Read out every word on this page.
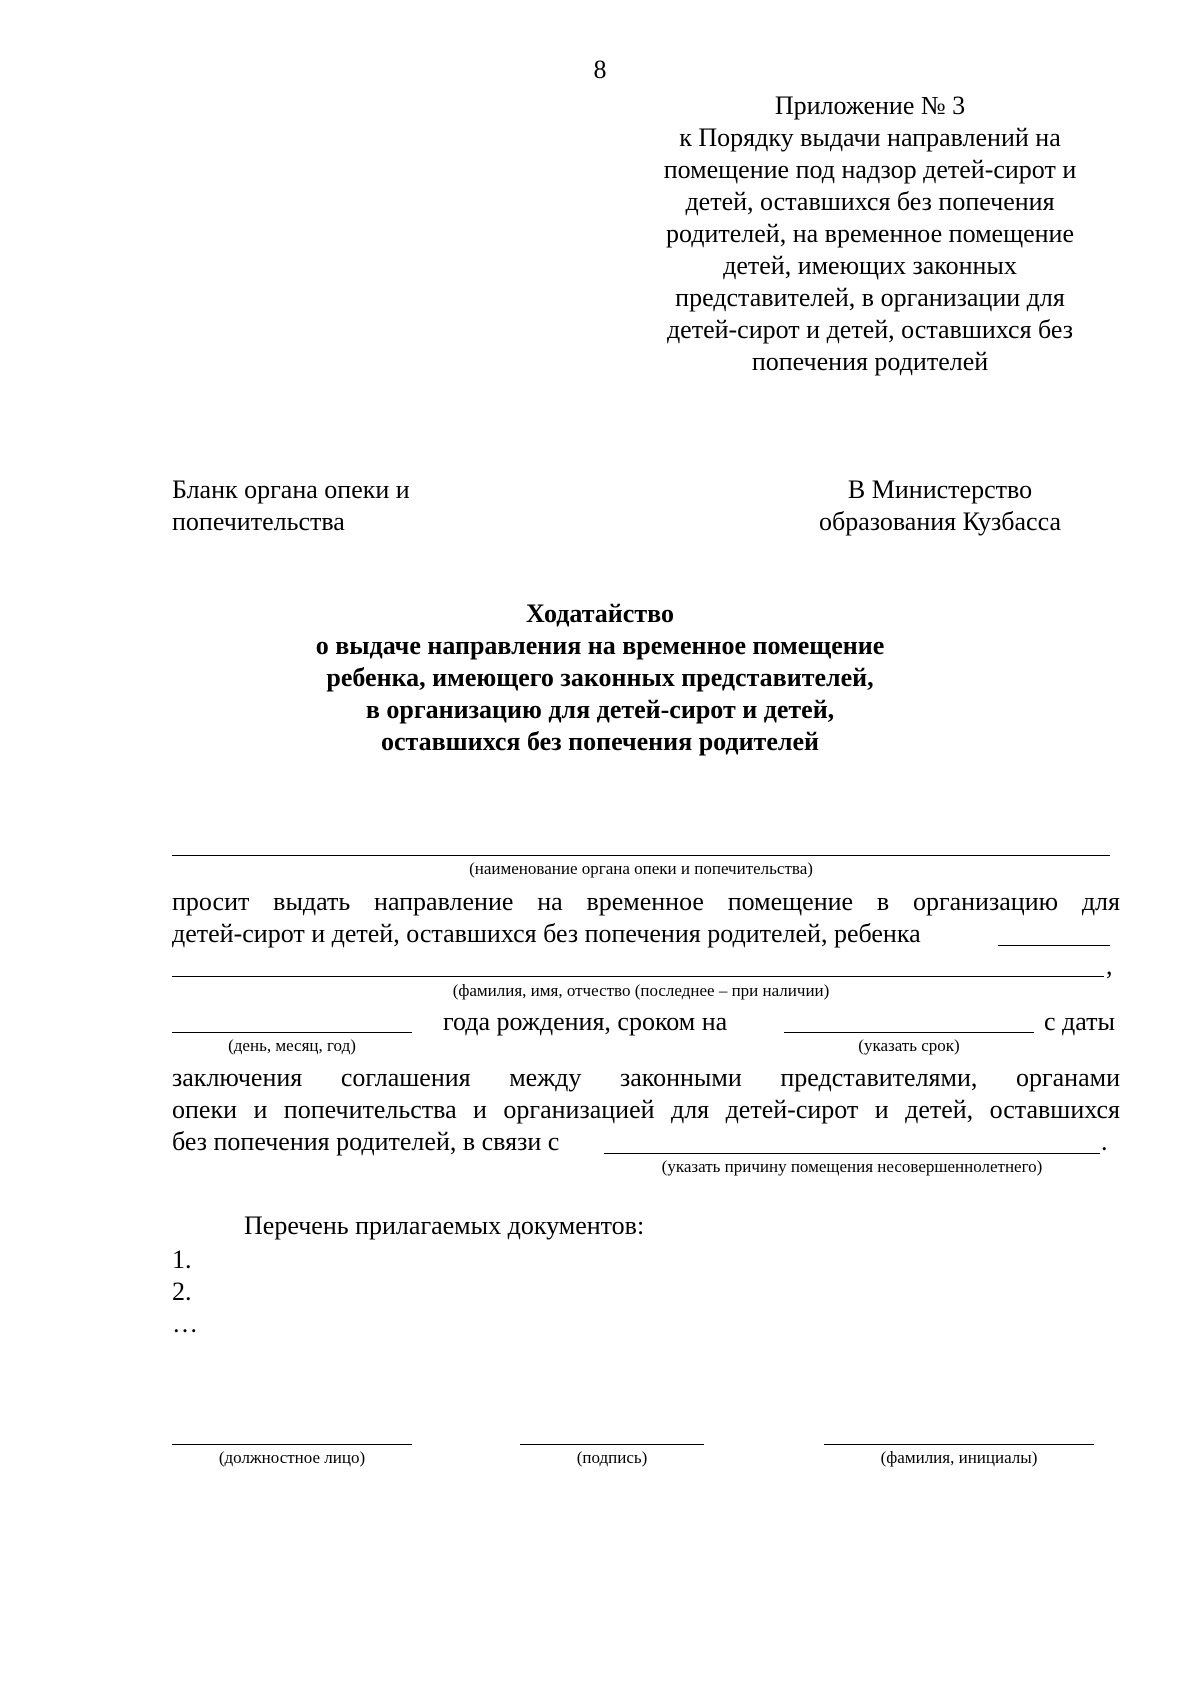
8
Приложение № 3
к Порядку выдачи направлений на
помещение под надзор детей-сирот и
детей, оставшихся без попечения
родителей, на временное помещение
детей, имеющих законных
представителей, в организации для
детей-сирот и детей, оставшихся без
попечения родителей
Бланк органа опеки и
попечительства
В Министерство
образования Кузбасса
Ходатайство
о выдаче направления на временное помещение
ребенка, имеющего законных представителей,
в организацию для детей-сирот и детей,
оставшихся без попечения родителей
(наименование органа опеки и попечительства)
просит выдать направление на временное помещение в организацию для
детей-сирот и детей, оставшихся без попечения родителей, ребенка
,
(фамилия, имя, отчество (последнее – при наличии)
года рождения, сроком на	с даты
(день, месяц, год)	(указать срок)
заключения соглашения между законными представителями, органами
опеки и попечительства и организацией для детей-сирот и детей, оставшихся
без попечения родителей, в связи с	.
(указать причину помещения несовершеннолетнего)
Перечень прилагаемых документов:
1.
2.
…
(должностное лицо)	(подпись)	(фамилия, инициалы)
